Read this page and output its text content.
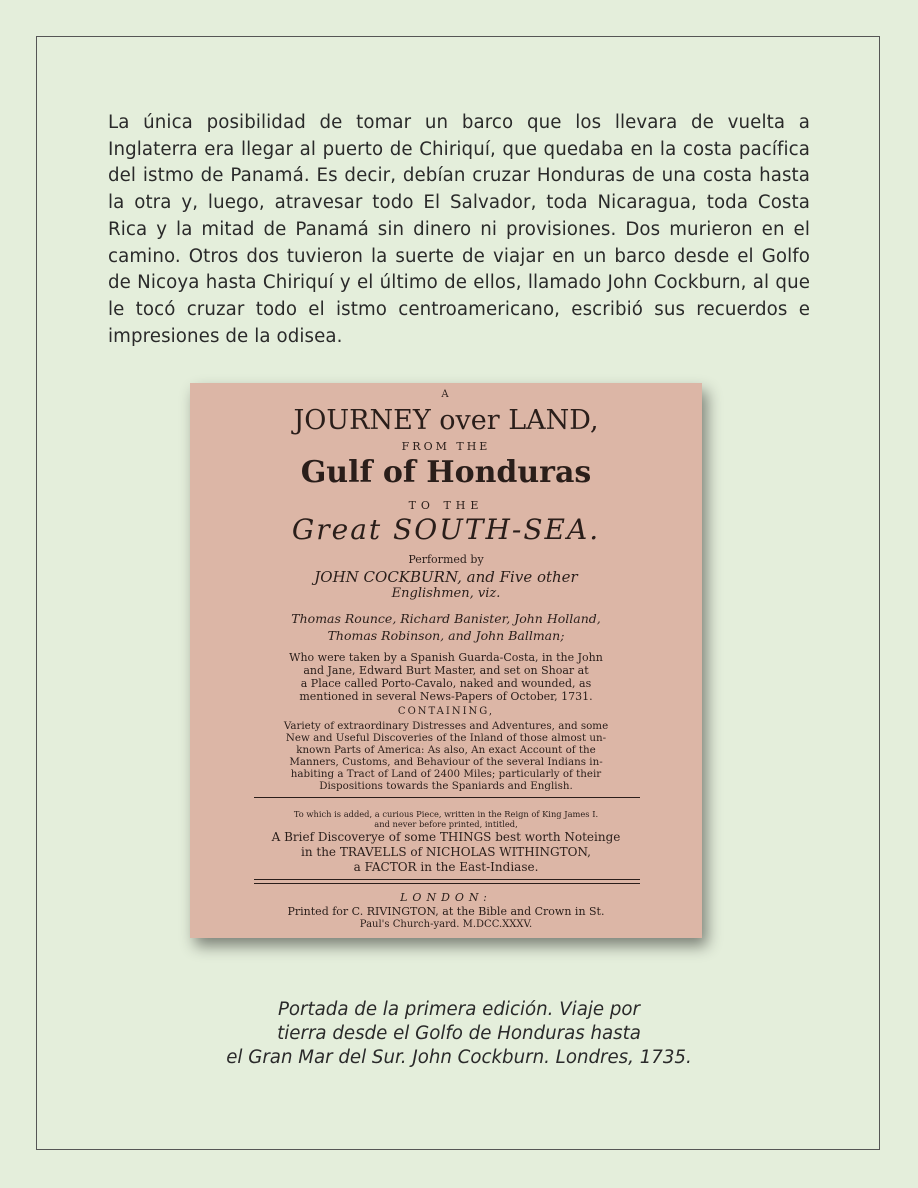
La única posibilidad de tomar un barco que los llevara de vuelta a Inglaterra era llegar al puerto de Chiriquí, que quedaba en la costa pacífica del istmo de Panamá. Es decir, debían cruzar Honduras de una costa hasta la otra y, luego, atravesar todo El Salvador, toda Nicaragua, toda Costa Rica y la mitad de Panamá sin dinero ni provisiones. Dos murieron en el camino. Otros dos tuvieron la suerte de viajar en un barco desde el Golfo de Nicoya hasta Chiriquí y el último de ellos, llamado John Cockburn, al que le tocó cruzar todo el istmo centroamericano, escribió sus recuerdos e impresiones de la odisea.

A
JOURNEY over LAND,
FROM THE
Gulf of Honduras
TO THE
Great SOUTH-SEA.
Performed by
JOHN COCKBURN, and Five other
Englishmen, viz.
Thomas Rounce, Richard Banister, John Holland,
Thomas Robinson, and John Ballman;
Who were taken by a Spanish Guarda-Costa, in the John
and Jane, Edward Burt Master, and set on Shoar at
a Place called Porto-Cavalo, naked and wounded, as
mentioned in several News-Papers of October, 1731.
CONTAINING,
Variety of extraordinary Distresses and Adventures, and some
New and Useful Discoveries of the Inland of those almost un-
known Parts of America: As also, An exact Account of the
Manners, Customs, and Behaviour of the several Indians in-
habiting a Tract of Land of 2400 Miles; particularly of their
Dispositions towards the Spaniards and English.
To which is added, a curious Piece, written in the Reign of King James I.
and never before printed, intitled,
A Brief Discoverye of some THINGS best worth Noteinge
in the TRAVELLS of NICHOLAS WITHINGTON,
a FACTOR in the East-Indiase.
LONDON:
Printed for C. RIVINGTON, at the Bible and Crown in St.
Paul's Church-yard. M.DCC.XXXV.
Portada de la primera edición. Viaje por
tierra desde el Golfo de Honduras hasta
el Gran Mar del Sur. John Cockburn. Londres, 1735.
